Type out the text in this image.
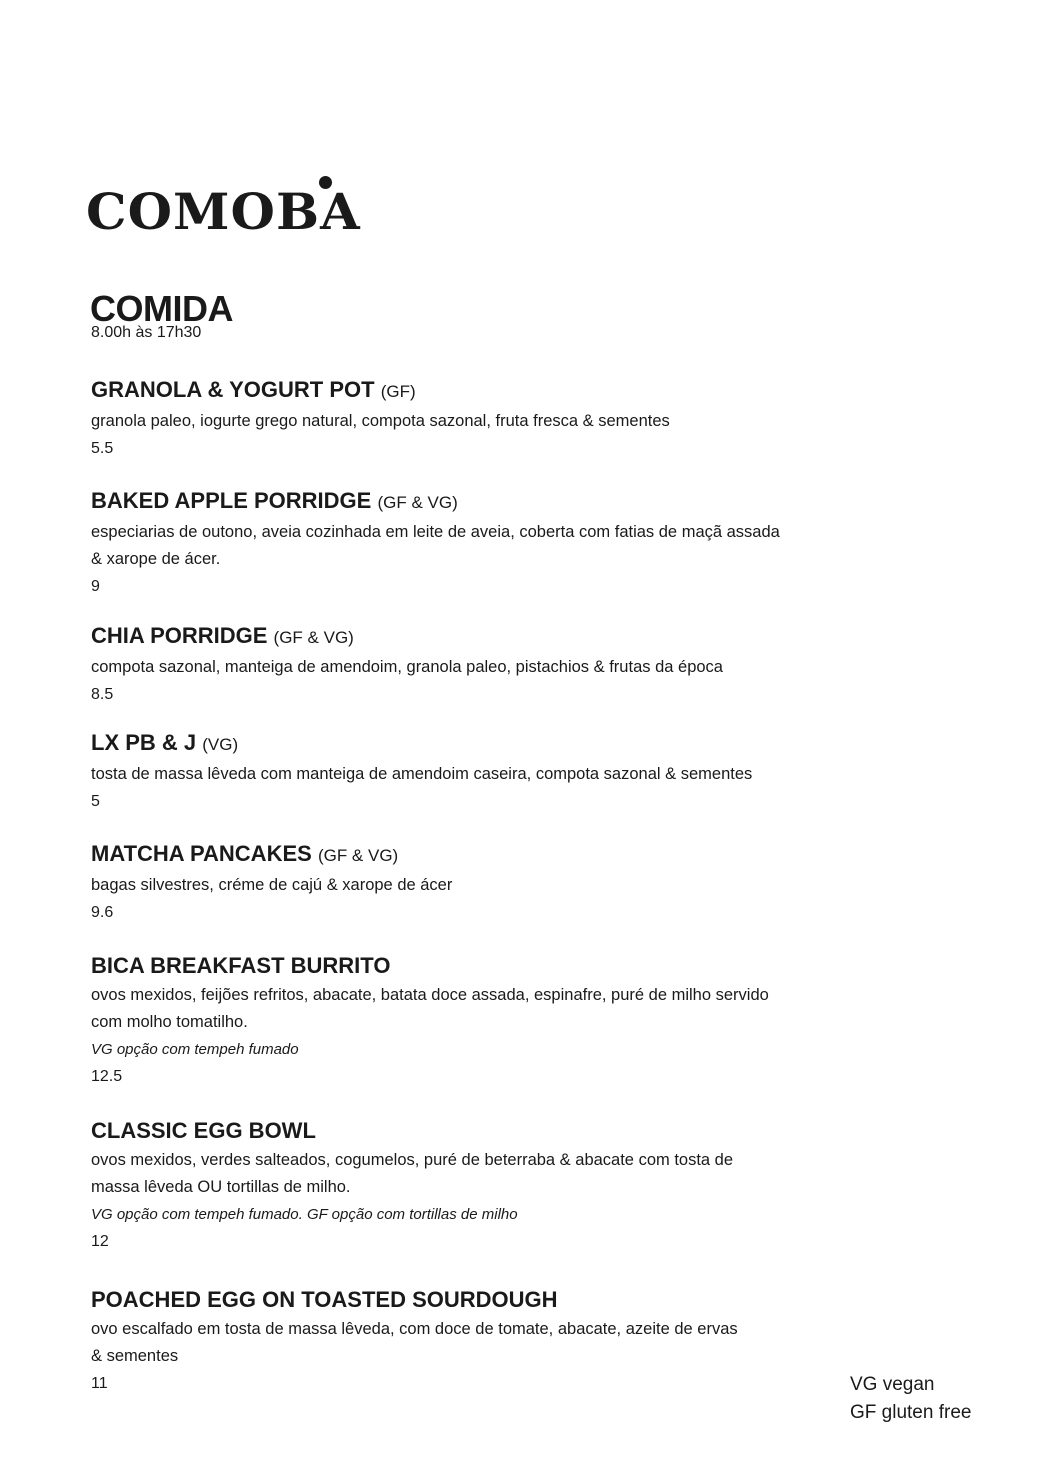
COMOBA
COMIDA
8.00h às 17h30
GRANOLA & YOGURT POT (GF)
granola paleo, iogurte grego natural, compota sazonal, fruta fresca & sementes
5.5
BAKED APPLE PORRIDGE (GF & VG)
especiarias de outono, aveia cozinhada em leite de aveia, coberta com fatias de maçã assada
& xarope de ácer.
9
CHIA PORRIDGE (GF & VG)
compota sazonal, manteiga de amendoim, granola paleo, pistachios & frutas da época
8.5
LX PB & J (VG)
tosta de massa lêveda com manteiga de amendoim caseira, compota sazonal & sementes
5
MATCHA PANCAKES (GF & VG)
bagas silvestres, créme de cajú & xarope de ácer
9.6
BICA BREAKFAST BURRITO
ovos mexidos, feijões refritos, abacate, batata doce assada, espinafre, puré de milho servido
com molho tomatilho.
VG opção com tempeh fumado
12.5
CLASSIC EGG BOWL
ovos mexidos, verdes salteados, cogumelos, puré de beterraba & abacate com tosta de
massa lêveda OU tortillas de milho.
VG opção com tempeh fumado. GF opção com tortillas de milho
12
POACHED EGG ON TOASTED SOURDOUGH
ovo escalfado em tosta de massa lêveda, com doce de tomate, abacate, azeite de ervas
& sementes
11	VG vegan
GF gluten free
